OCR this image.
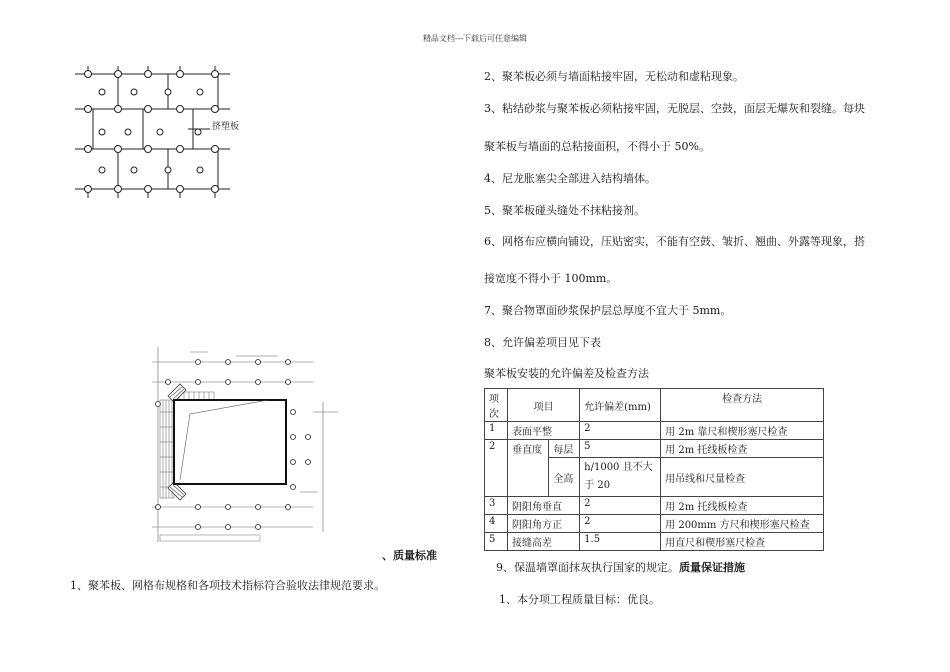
精品文档---下载后可任意编辑
挤塑板
、质量标准
1、聚苯板、网格布规格和各项技术指标符合验收法律规范要求。
2、聚苯板必须与墙面粘接牢固，无松动和虚粘现象。
3、粘结砂浆与聚苯板必须粘接牢固，无脱层、空鼓，面层无爆灰和裂缝。每块
聚苯板与墙面的总粘接面积，不得小于 50%。
4、尼龙胀塞尖全部进入结构墙体。
5、聚苯板碰头缝处不抹粘接剂。
6、网格布应横向铺设，压贴密实，不能有空鼓、皱折、翘曲、外露等现象，搭
接宽度不得小于 100mm。
7、聚合物罩面砂浆保护层总厚度不宜大于 5mm。
8、允许偏差项目见下表
聚苯板安装的允许偏差及检查方法
项 次	项目		允许偏差(mm)	检查方法
1	表面平整		2	用 2m 靠尺和楔形塞尺检查
2	垂直度	每层	5	用 2m 托线板检查
		全高	h/1000 且不大于 20	用吊线和尺量检查
3	阴阳角垂直		2	用 2m 托线板检查
4	阴阳角方正		2	用 200mm 方尺和楔形塞尺检查
5	接缝高差		1.5	用直尺和楔形塞尺检查
9、保温墙罩面抹灰执行国家的规定。质量保证措施
1、本分项工程质量目标：优良。
